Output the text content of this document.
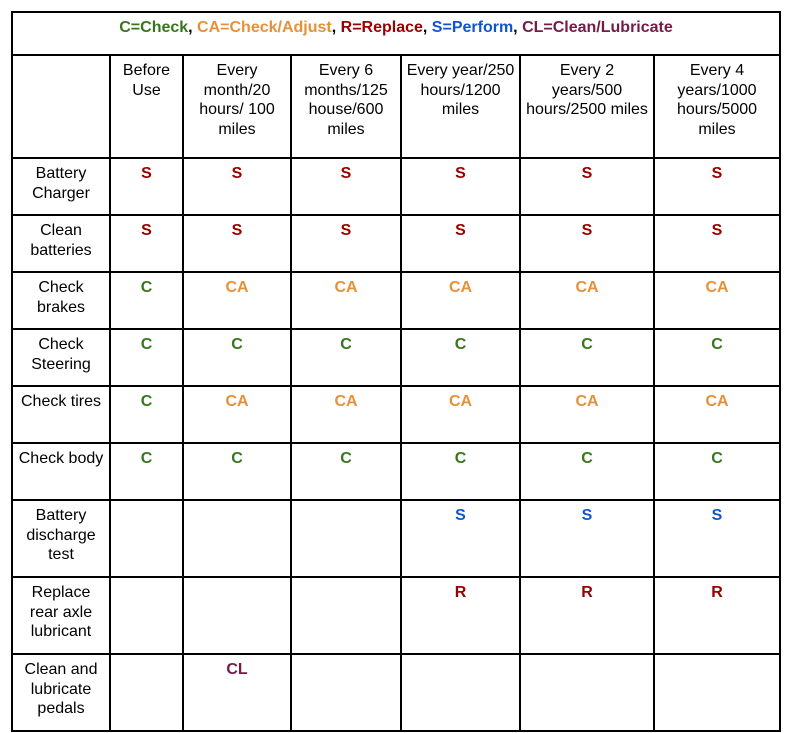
C=Check, CA=Check/Adjust, R=Replace, S=Perform, CL=Clean/Lubricate						
	Before Use	Every month/20 hours/ 100 miles	Every 6 months/125 house/600 miles	Every year/250 hours/1200 miles	Every 2 years/500 hours/2500 miles	Every 4 years/1000 hours/5000 miles
Battery Charger	S	S	S	S	S	S
Clean batteries	S	S	S	S	S	S
Check brakes	C	CA	CA	CA	CA	CA
Check Steering	C	C	C	C	C	C
Check tires	C	CA	CA	CA	CA	CA
Check body	C	C	C	C	C	C
Battery discharge test				S	S	S
Replace rear axle lubricant				R	R	R
Clean and lubricate pedals		CL				
